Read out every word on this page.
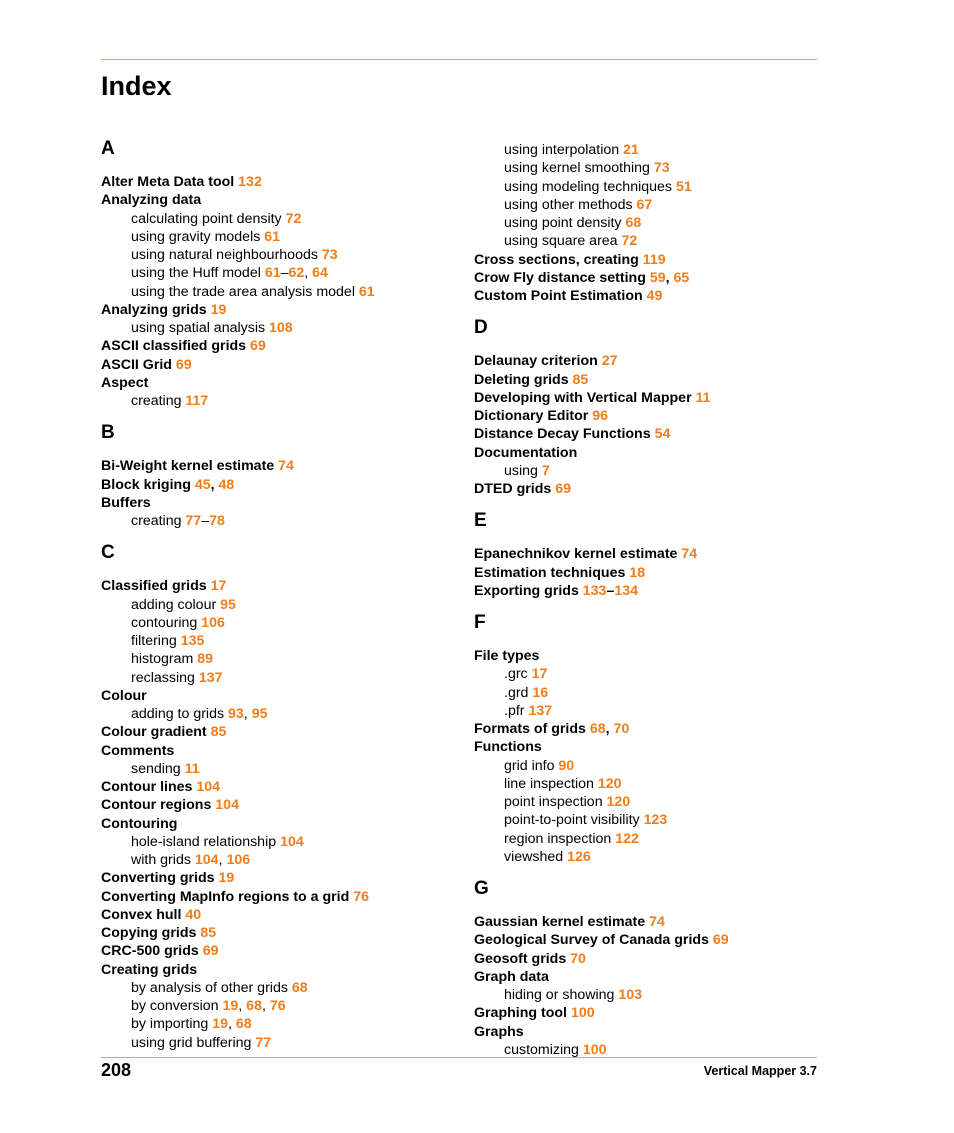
Index
A
Alter Meta Data tool 132
Analyzing data
calculating point density 72
using gravity models 61
using natural neighbourhoods 73
using the Huff model 61–62, 64
using the trade area analysis model 61
Analyzing grids 19
using spatial analysis 108
ASCII classified grids 69
ASCII Grid 69
Aspect
creating 117
B
Bi-Weight kernel estimate 74
Block kriging 45, 48
Buffers
creating 77–78
C
Classified grids 17
adding colour 95
contouring 106
filtering 135
histogram 89
reclassing 137
Colour
adding to grids 93, 95
Colour gradient 85
Comments
sending 11
Contour lines 104
Contour regions 104
Contouring
hole-island relationship 104
with grids 104, 106
Converting grids 19
Converting MapInfo regions to a grid 76
Convex hull 40
Copying grids 85
CRC-500 grids 69
Creating grids
by analysis of other grids 68
by conversion 19, 68, 76
by importing 19, 68
using grid buffering 77
using interpolation 21
using kernel smoothing 73
using modeling techniques 51
using other methods 67
using point density 68
using square area 72
Cross sections, creating 119
Crow Fly distance setting 59, 65
Custom Point Estimation 49
D
Delaunay criterion 27
Deleting grids 85
Developing with Vertical Mapper 11
Dictionary Editor 96
Distance Decay Functions 54
Documentation
using 7
DTED grids 69
E
Epanechnikov kernel estimate 74
Estimation techniques 18
Exporting grids 133–134
F
File types
.grc 17
.grd 16
.pfr 137
Formats of grids 68, 70
Functions
grid info 90
line inspection 120
point inspection 120
point-to-point visibility 123
region inspection 122
viewshed 126
G
Gaussian kernel estimate 74
Geological Survey of Canada grids 69
Geosoft grids 70
Graph data
hiding or showing 103
Graphing tool 100
Graphs
customizing 100
208	Vertical Mapper 3.7
